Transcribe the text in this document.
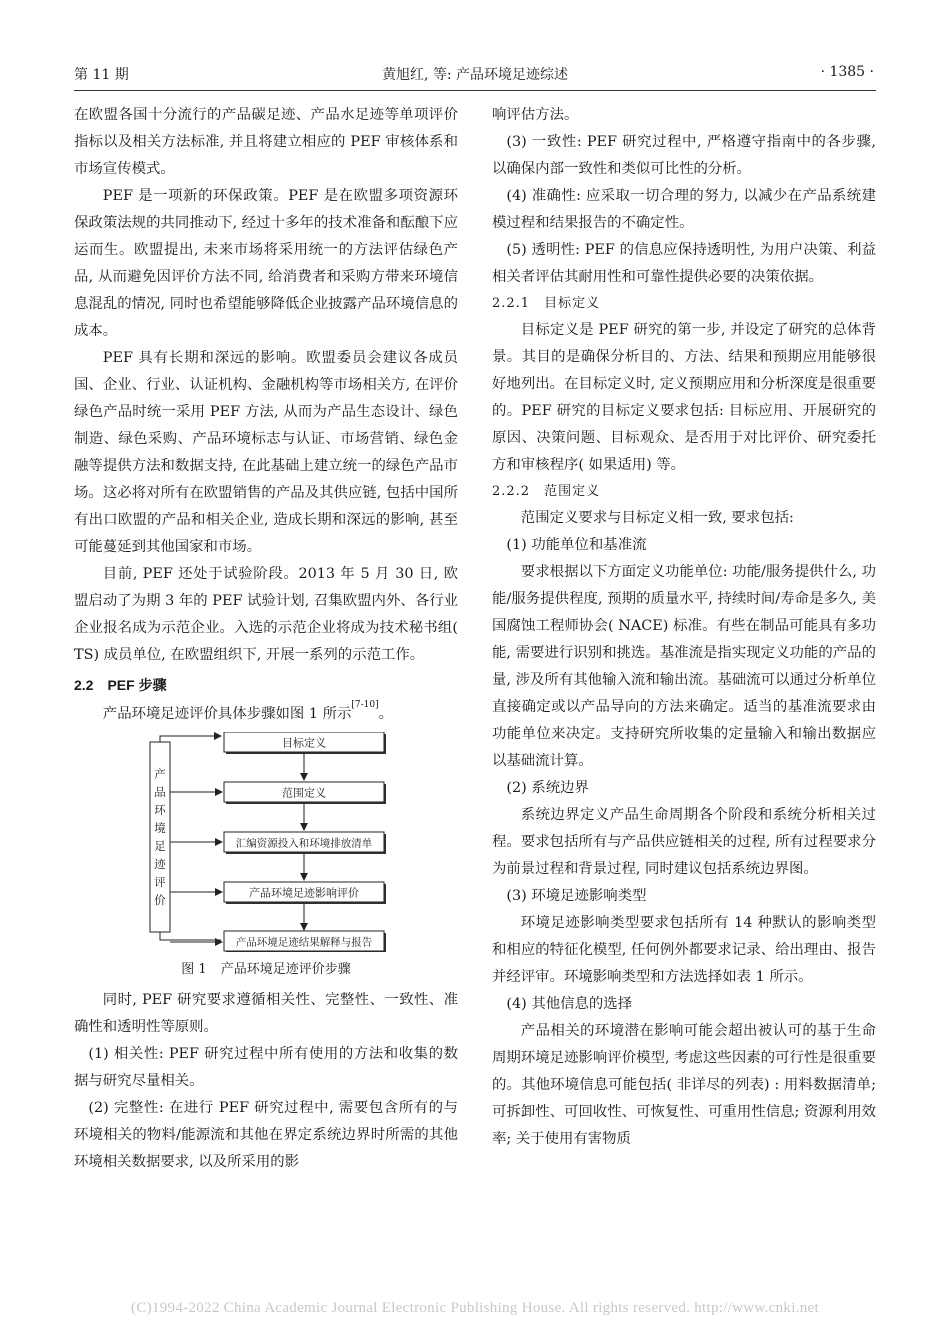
第 11 期	黄旭红, 等: 产品环境足迹综述	· 1385 ·

在欧盟各国十分流行的产品碳足迹、产品水足迹等单项评价指标以及相关方法标准, 并且将建立相应的 PEF 审核体系和市场宣传模式。

PEF 是一项新的环保政策。PEF 是在欧盟多项资源环保政策法规的共同推动下, 经过十多年的技术准备和酝酿下应运而生。欧盟提出, 未来市场将采用统一的方法评估绿色产品, 从而避免因评价方法不同, 给消费者和采购方带来环境信息混乱的情况, 同时也希望能够降低企业披露产品环境信息的成本。

PEF 具有长期和深远的影响。欧盟委员会建议各成员国、企业、行业、认证机构、金融机构等市场相关方, 在评价绿色产品时统一采用 PEF 方法, 从而为产品生态设计、绿色制造、绿色采购、产品环境标志与认证、市场营销、绿色金融等提供方法和数据支持, 在此基础上建立统一的绿色产品市场。这必将对所有在欧盟销售的产品及其供应链, 包括中国所有出口欧盟的产品和相关企业, 造成长期和深远的影响, 甚至可能蔓延到其他国家和市场。

目前, PEF 还处于试验阶段。2013 年 5 月 30 日, 欧盟启动了为期 3 年的 PEF 试验计划, 召集欧盟内外、各行业企业报名成为示范企业。入选的示范企业将成为技术秘书组( TS) 成员单位, 在欧盟组织下, 开展一系列的示范工作。

2.2　PEF 步骤

产品环境足迹评价具体步骤如图 1 所示[7-10]。

产
品
环
境
足
迹
评
价
目标定义
范围定义
汇编资源投入和环境排放清单
产品环境足迹影响评价
产品环境足迹结果解释与报告
图 1 产品环境足迹评价步骤

同时, PEF 研究要求遵循相关性、完整性、一致性、准确性和透明性等原则。

(1) 相关性: PEF 研究过程中所有使用的方法和收集的数据与研究尽量相关。

(2) 完整性: 在进行 PEF 研究过程中, 需要包含所有的与环境相关的物料/能源流和其他在界定系统边界时所需的其他环境相关数据要求, 以及所采用的影

响评估方法。

(3) 一致性: PEF 研究过程中, 严格遵守指南中的各步骤, 以确保内部一致性和类似可比性的分析。

(4) 准确性: 应采取一切合理的努力, 以减少在产品系统建模过程和结果报告的不确定性。

(5) 透明性: PEF 的信息应保持透明性, 为用户决策、利益相关者评估其耐用性和可靠性提供必要的决策依据。

2.2.1 目标定义

目标定义是 PEF 研究的第一步, 并设定了研究的总体背景。其目的是确保分析目的、方法、结果和预期应用能够很好地列出。在目标定义时, 定义预期应用和分析深度是很重要的。PEF 研究的目标定义要求包括: 目标应用、开展研究的原因、决策问题、目标观众、是否用于对比评价、研究委托方和审核程序( 如果适用) 等。

2.2.2 范围定义

范围定义要求与目标定义相一致, 要求包括:

(1) 功能单位和基准流

要求根据以下方面定义功能单位: 功能/服务提供什么, 功能/服务提供程度, 预期的质量水平, 持续时间/寿命是多久, 美国腐蚀工程师协会( NACE) 标准。有些在制品可能具有多功能, 需要进行识别和挑选。基准流是指实现定义功能的产品的量, 涉及所有其他输入流和输出流。基础流可以通过分析单位直接确定或以产品导向的方法来确定。适当的基准流要求由功能单位来决定。支持研究所收集的定量输入和输出数据应以基础流计算。

(2) 系统边界

系统边界定义产品生命周期各个阶段和系统分析相关过程。要求包括所有与产品供应链相关的过程, 所有过程要求分为前景过程和背景过程, 同时建议包括系统边界图。

(3) 环境足迹影响类型

环境足迹影响类型要求包括所有 14 种默认的影响类型和相应的特征化模型, 任何例外都要求记录、给出理由、报告并经评审。环境影响类型和方法选择如表 1 所示。

(4) 其他信息的选择

产品相关的环境潜在影响可能会超出被认可的基于生命周期环境足迹影响评价模型, 考虑这些因素的可行性是很重要的。其他环境信息可能包括( 非详尽的列表) : 用料数据清单; 可拆卸性、可回收性、可恢复性、可重用性信息; 资源利用效率; 关于使用有害物质

(C)1994-2022 China Academic Journal Electronic Publishing House. All rights reserved. http://www.cnki.net
